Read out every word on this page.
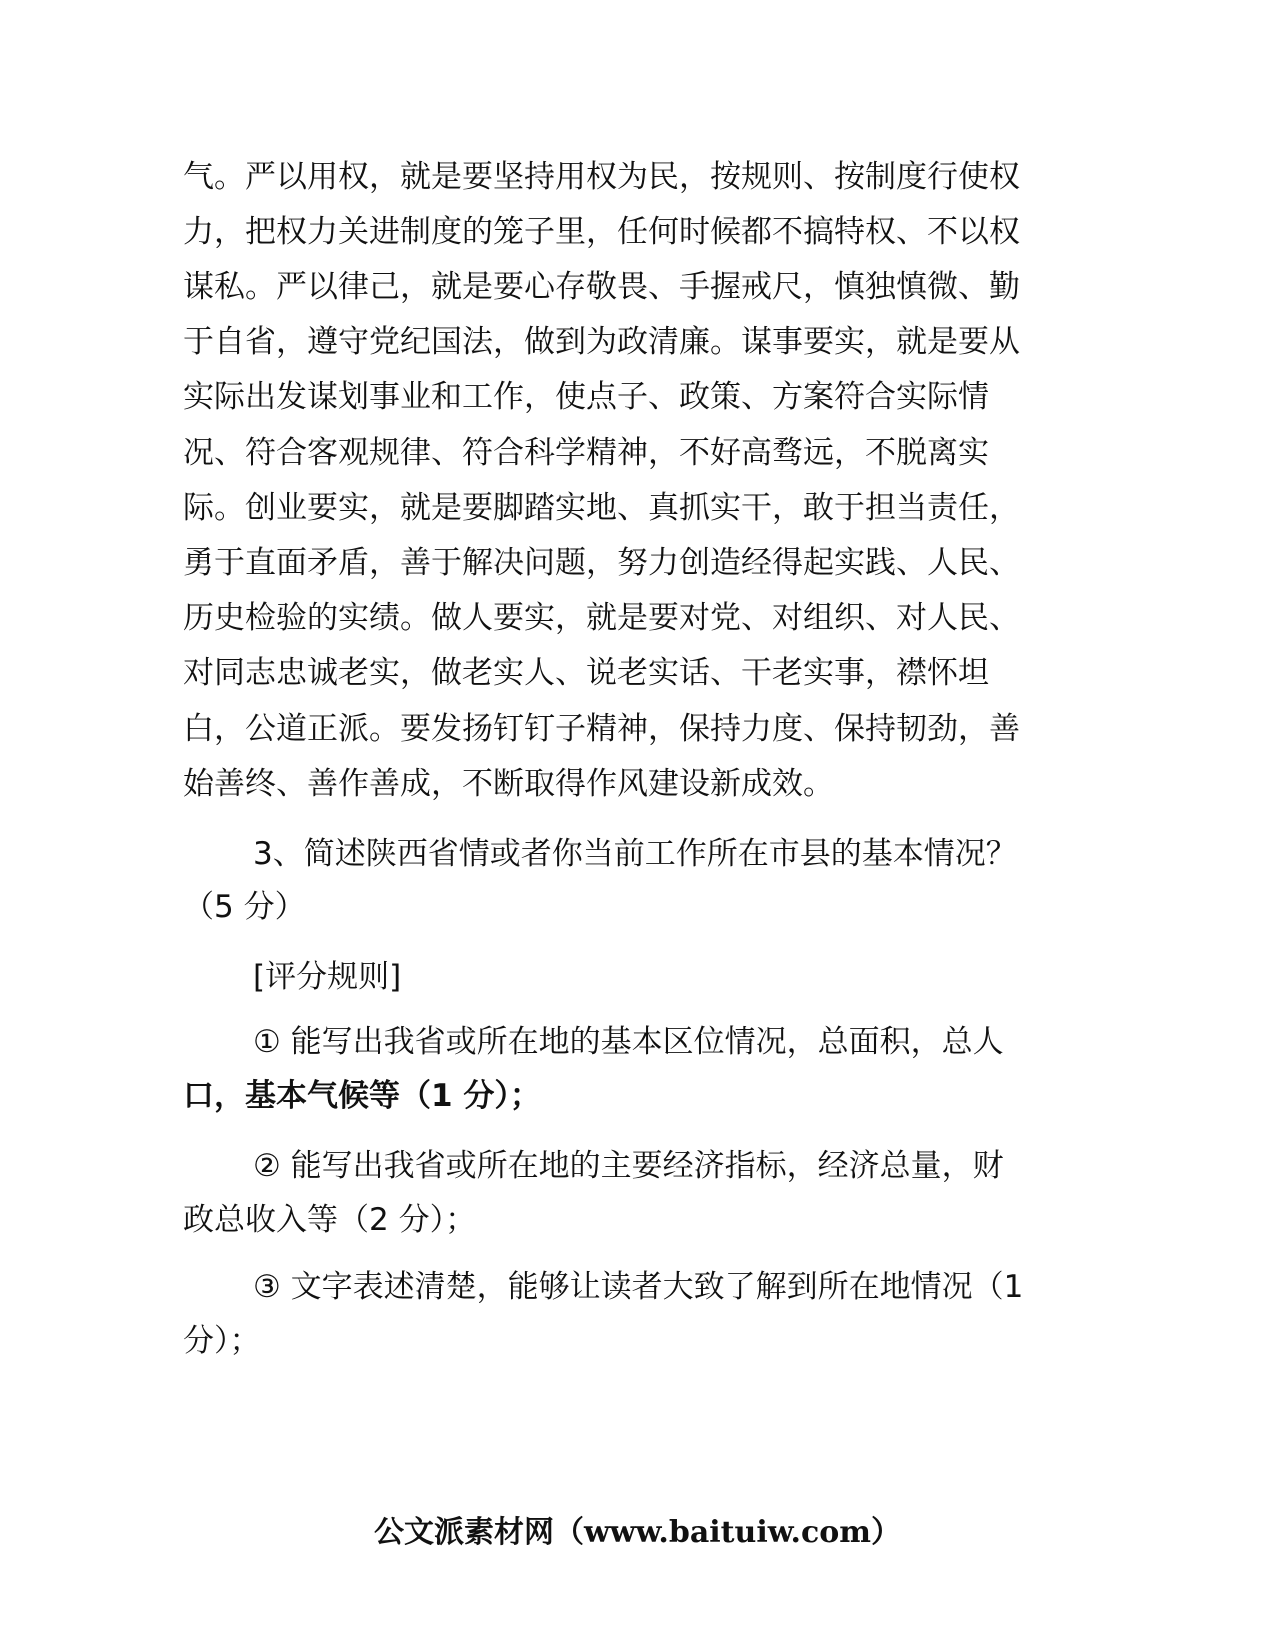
气。严以用权，就是要坚持用权为民，按规则、按制度行使权
力，把权力关进制度的笼子里，任何时候都不搞特权、不以权
谋私。严以律己，就是要心存敬畏、手握戒尺，慎独慎微、勤
于自省，遵守党纪国法，做到为政清廉。谋事要实，就是要从
实际出发谋划事业和工作，使点子、政策、方案符合实际情
况、符合客观规律、符合科学精神，不好高骛远，不脱离实
际。创业要实，就是要脚踏实地、真抓实干，敢于担当责任，
勇于直面矛盾，善于解决问题，努力创造经得起实践、人民、
历史检验的实绩。做人要实，就是要对党、对组织、对人民、
对同志忠诚老实，做老实人、说老实话、干老实事，襟怀坦
白，公道正派。要发扬钉钉子精神，保持力度、保持韧劲，善
始善终、善作善成，不断取得作风建设新成效。
3、简述陕西省情或者你当前工作所在市县的基本情况？
（5 分）
[评分规则]
① 能写出我省或所在地的基本区位情况，总面积，总人
口，基本气候等（1 分）；
② 能写出我省或所在地的主要经济指标，经济总量，财
政总收入等（2 分）；
③ 文字表述清楚，能够让读者大致了解到所在地情况（1
分）；
公文派素材网（www.baituiw.com）
